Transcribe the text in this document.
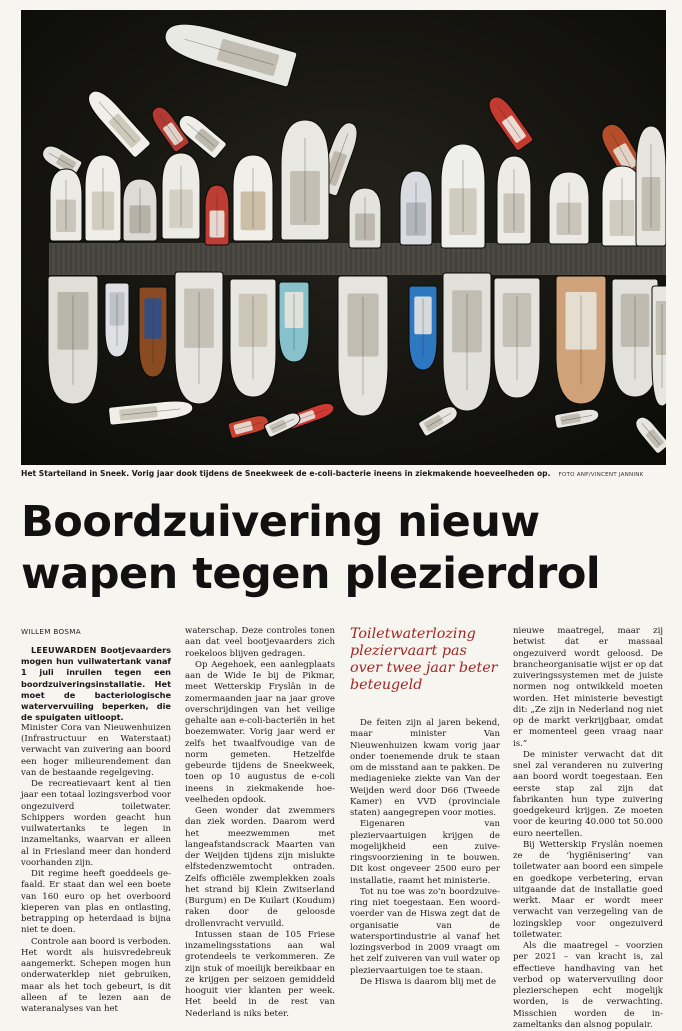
Het Starteiland in Sneek. Vorig jaar dook tijdens de Sneekweek de e-coli-bacterie ineens in ziekmakende hoeveelheden op. FOTO ANP/VINCENT JANNINK
Boordzuivering nieuw
wapen tegen plezierdrol
WILLEM BOSMA

LEEUWARDEN Bootjevaarders mogen hun vuilwatertank vanaf 1 juli inruilen tegen een boordzuiveringsinstallatie. Het moet de bacteriologische watervervuiling beperken, die de spuigaten uitloopt.

Minister Cora van Nieuwenhuizen (Infrastructuur en Waterstaat) verwacht van zuivering aan boord een hoger milieurendement dan van de bestaande regelgeving.

De recreatievaart kent al tien jaar een totaal lozingsverbod voor ongezuiverd toiletwater. Schippers worden geacht hun vuilwatertanks te legen in inzameltanks, waarvan er alleen al in Friesland meer dan honderd voorhanden zijn.

Dit regime heeft goeddeels gefaald. Er staat dan wel een boete van 160 euro op het overboord kieperen van plas en ontlasting, betrapping op heterdaad is bijna niet te doen.

Controle aan boord is verboden. Het wordt als huisvredebreuk aangemerkt. Schepen mogen hun onderwaterklep niet gebruiken, maar als het toch gebeurt, is dit alleen af te lezen aan de wateranalyses van het

waterschap. Deze controles tonen aan dat veel bootjevaarders zich roekeloos blijven gedragen.

Op Aegehoek, een aanlegplaats aan de Wide Ie bij de Pikmar, meet Wetterskip Fryslân in de zomermaanden jaar na jaar grove overschrijdingen van het veilige gehalte aan e-coli-bacteriën in het boezemwater. Vorig jaar werd er zelfs het twaalfvoudige van de norm gemeten. Hetzelfde gebeurde tijdens de Sneekweek, toen op 10 augustus de e-coli ineens in ziekmakende hoeveelheden opdook.

Geen wonder dat zwemmers dan ziek worden. Daarom werd het meezwemmen met langeafstandscrack Maarten van der Weijden tijdens zijn mislukte elfstedenzwemtocht ontraden. Zelfs officiële zwemplekken zoals het strand bij Klein Zwitserland (Burgum) en De Kuilart (Koudum) raken door de geloosde drollenvracht vervuild.

Intussen staan de 105 Friese inzamelingsstations aan wal grotendeels te verkommeren. Ze zijn stuk of moeilijk bereikbaar en ze krijgen per seizoen gemiddeld hooguit vier klanten per week. Het beeld in de rest van Nederland is niks beter.

Toiletwaterlozing pleziervaart pas over twee jaar beter beteugeld

De feiten zijn al jaren bekend, maar minister Van Nieuwenhuizen kwam vorig jaar onder toenemende druk te staan om de misstand aan te pakken. De mediagenieke ziekte van Van der Weijden werd door D66 (Tweede Kamer) en VVD (provinciale staten) aangegrepen voor moties.

Eigenaren van pleziervaartuigen krijgen de mogelijkheid een zuiveringsvoorziening in te bouwen. Dit kost ongeveer 2500 euro per installatie, raamt het ministerie.

Tot nu toe was zo'n boordzuivering niet toegestaan. Een woordvoerder van de Hiswa zegt dat de organisatie van de watersportindustrie al vanaf het lozingsverbod in 2009 vraagt om het zelf zuiveren van vuil water op pleziervaartuigen toe te staan.

De Hiswa is daarom blij met de

nieuwe maatregel, maar zij betwist dat er massaal ongezuiverd wordt geloosd. De brancheorganisatie wijst er op dat zuiveringssystemen met de juiste normen nog ontwikkeld moeten worden. Het ministerie bevestigt dit: „Ze zijn in Nederland nog niet op de markt verkrijgbaar, omdat er momenteel geen vraag naar is.”

De minister verwacht dat dit snel zal veranderen nu zuivering aan boord wordt toegestaan. Een eerste stap zal zijn dat fabrikanten hun type zuivering goedgekeurd krijgen. Ze moeten voor de keuring 40.000 tot 50.000 euro neertellen.

Bij Wetterskip Fryslân noemen ze de ‘hygiënisering’ van toiletwater aan boord een simpele en goedkope verbetering, ervan uitgaande dat de installatie goed werkt. Maar er wordt meer verwacht van verzegeling van de lozingsklep voor ongezuiverd toiletwater.

Als die maatregel – voorzien per 2021 – van kracht is, zal effectieve handhaving van het verbod op watervervuiling door plezierschepen echt mogelijk worden, is de verwachting. Misschien worden de inzameltanks dan alsnog populair.
